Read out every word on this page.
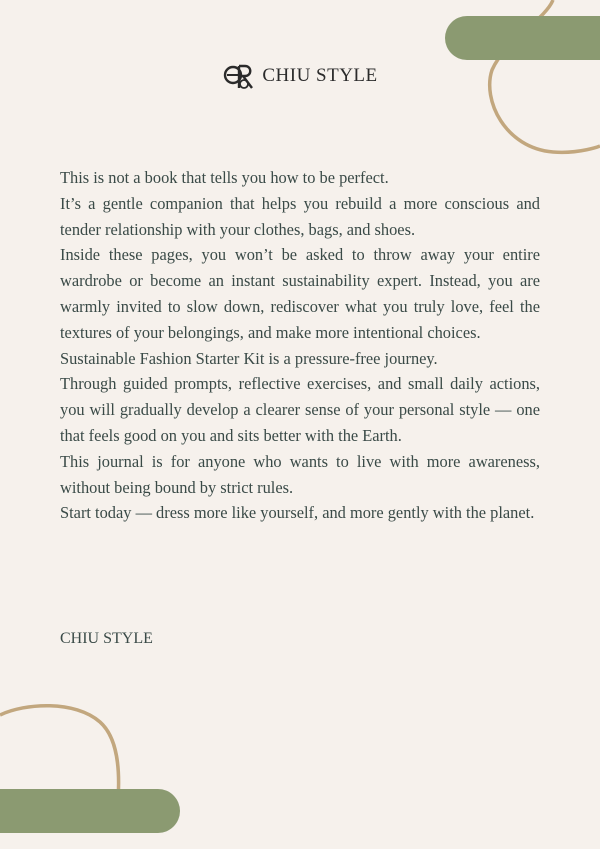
CHIU STYLE

This is not a book that tells you how to be perfect.

It’s a gentle companion that helps you rebuild a more conscious and tender relationship with your clothes, bags, and shoes.

Inside these pages, you won’t be asked to throw away your entire wardrobe or become an instant sustainability expert. Instead, you are warmly invited to slow down, rediscover what you truly love, feel the textures of your belongings, and make more intentional choices.

Sustainable Fashion Starter Kit is a pressure-free journey.

Through guided prompts, reflective exercises, and small daily actions, you will gradually develop a clearer sense of your personal style — one that feels good on you and sits better with the Earth.

This journal is for anyone who wants to live with more awareness, without being bound by strict rules.

Start today — dress more like yourself, and more gently with the planet.

CHIU STYLE
